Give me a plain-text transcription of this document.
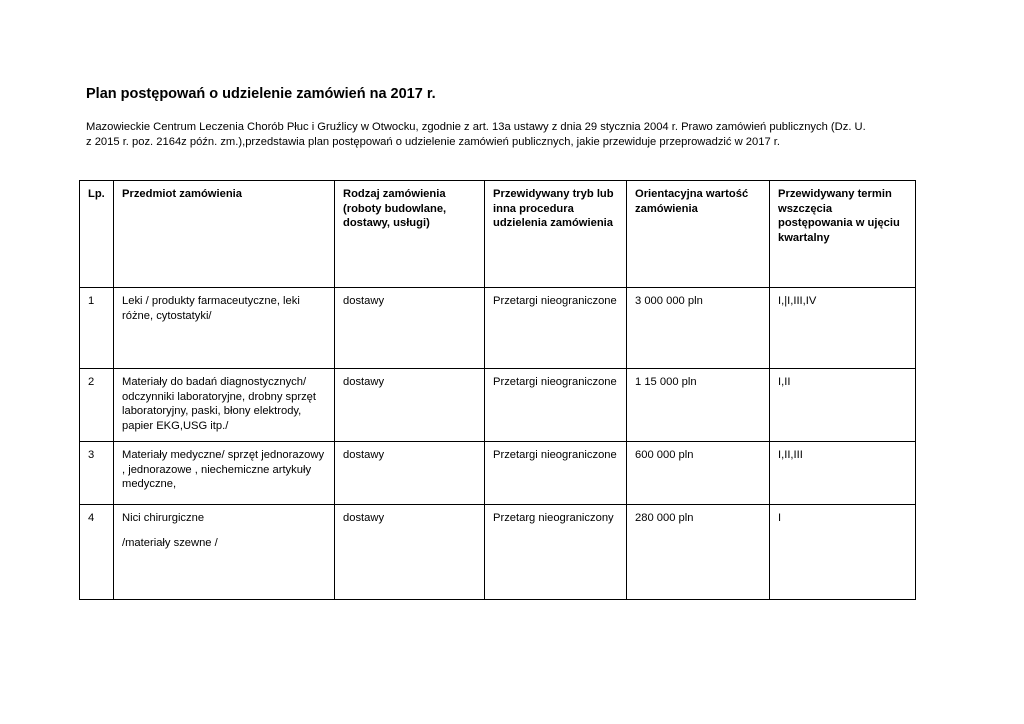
Plan postępowań o udzielenie zamówień na 2017 r.

Mazowieckie Centrum Leczenia Chorób Płuc i Gruźlicy w Otwocku, zgodnie z art. 13a ustawy z dnia 29 stycznia 2004 r. Prawo zamówień publicznych (Dz. U.
z 2015 r. poz. 2164z późn. zm.),przedstawia plan postępowań o udzielenie zamówień publicznych, jakie przewiduje przeprowadzić w 2017 r.

Lp.	Przedmiot zamówienia	Rodzaj zamówienia (roboty budowlane, dostawy, usługi)	Przewidywany tryb lub inna procedura udzielenia zamówienia	Orientacyjna wartość zamówienia	Przewidywany termin wszczęcia postępowania w ujęciu kwartalny
1	Leki / produkty farmaceutyczne, leki różne, cytostatyki/	dostawy	Przetargi nieograniczone	3 000 000 pln	I,|I,III,IV
2	Materiały do badań diagnostycznych/ odczynniki laboratoryjne, drobny sprzęt laboratoryjny, paski, błony elektrody, papier EKG,USG itp./	dostawy	Przetargi nieograniczone	1 15 000 pln	I,II
3	Materiały medyczne/ sprzęt jednorazowy , jednorazowe , niechemiczne artykuły medyczne,	dostawy	Przetargi nieograniczone	600 000 pln	I,II,III
4	Nici chirurgiczne
/materiały szewne /	dostawy	Przetarg nieograniczony	280 000 pln	I
